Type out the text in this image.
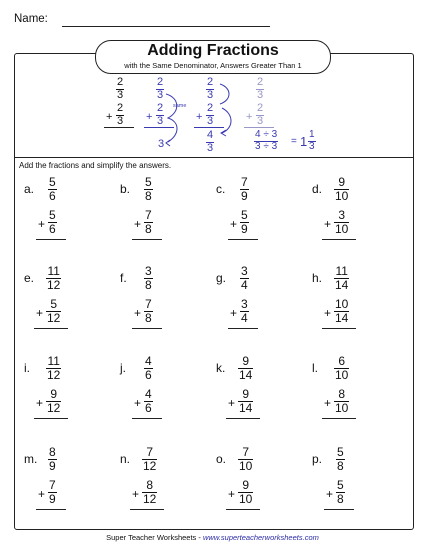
Name:
Adding Fractions
with the Same Denominator, Answers Greater Than 1
$\frac{2}{3}$
+ $\frac{2}{3}$
$\frac{2}{3}$
+ $\frac{2}{3}$ same
3
$\frac{2}{3}$
+ $\frac{2}{3}$
$\frac{4}{3}$
$\frac{2}{3}$
+ $\frac{2}{3}$
$\frac{4 \div 3}{3 \div 3} = 1 \frac{1}{3}$
Add the fractions and simplify the answers.
a. $\frac{5}{6}$
+ $\frac{5}{6}$
b. $\frac{5}{8}$
+ $\frac{7}{8}$
c. $\frac{7}{9}$
+ $\frac{5}{9}$
d. $\frac{9}{10}$
+ $\frac{3}{10}$
e. $\frac{11}{12}$
+ $\frac{5}{12}$
f. $\frac{3}{8}$
+ $\frac{7}{8}$
g. $\frac{3}{4}$
+ $\frac{3}{4}$
h. $\frac{11}{14}$
+ $\frac{10}{14}$
i. $\frac{11}{12}$
+ $\frac{9}{12}$
j. $\frac{4}{6}$
+ $\frac{4}{6}$
k. $\frac{9}{14}$
+ $\frac{9}{14}$
l. $\frac{6}{10}$
+ $\frac{8}{10}$
m. $\frac{8}{9}$
+ $\frac{7}{9}$
n. $\frac{7}{12}$
+ $\frac{8}{12}$
o. $\frac{7}{10}$
+ $\frac{9}{10}$
p. $\frac{5}{8}$
+ $\frac{5}{8}$
Super Teacher Worksheets - www.superteacherworksheets.com
